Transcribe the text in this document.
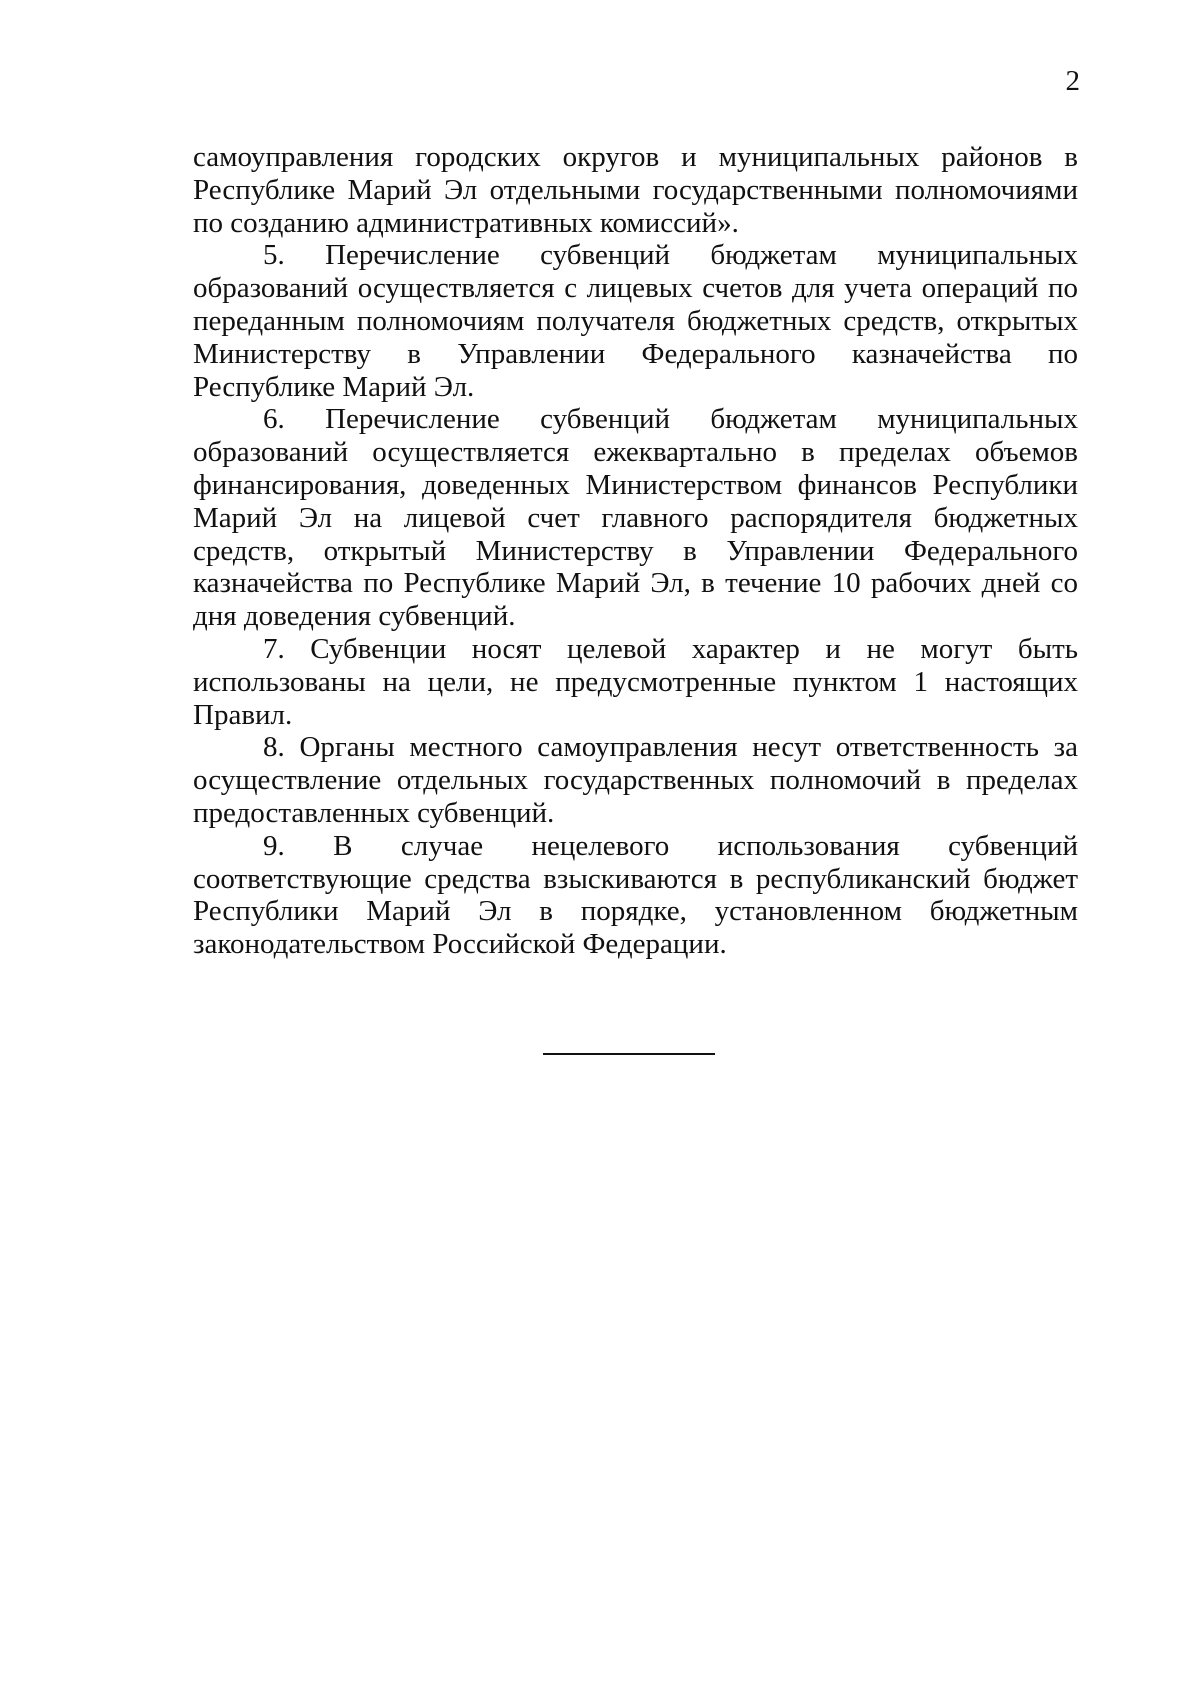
2

самоуправления городских округов и муниципальных районов в Республике Марий Эл отдельными государственными полномочиями по созданию административных комиссий».

5. Перечисление субвенций бюджетам муниципальных образований осуществляется с лицевых счетов для учета операций по переданным полномочиям получателя бюджетных средств, открытых Министерству в Управлении Федерального казначейства по Республике Марий Эл.

6. Перечисление субвенций бюджетам муниципальных образований осуществляется ежеквартально в пределах объемов финансирования, доведенных Министерством финансов Республики Марий Эл на лицевой счет главного распорядителя бюджетных средств, открытый Министерству в Управлении Федерального казначейства по Республике Марий Эл, в течение 10 рабочих дней со дня доведения субвенций.

7. Субвенции носят целевой характер и не могут быть использованы на цели, не предусмотренные пунктом 1 настоящих Правил.

8. Органы местного самоуправления несут ответственность за осуществление отдельных государственных полномочий в пределах предоставленных субвенций.

9. В случае нецелевого использования субвенций соответствующие средства взыскиваются в республиканский бюджет Республики Марий Эл в порядке, установленном бюджетным законодательством Российской Федерации.
